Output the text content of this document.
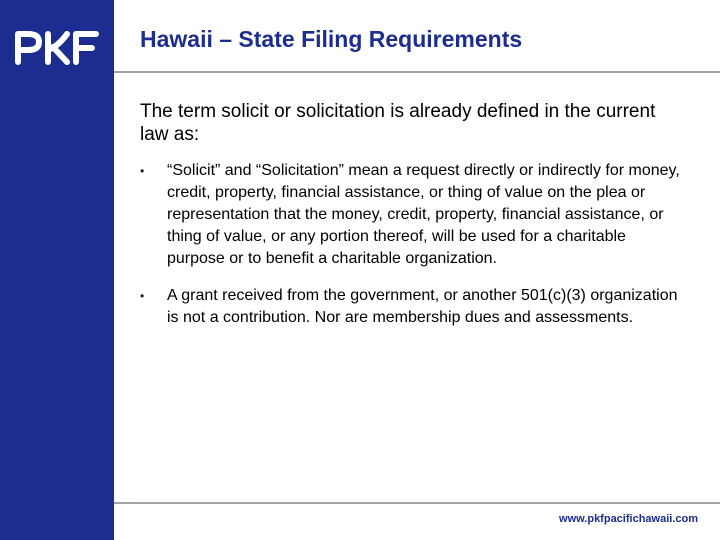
Hawaii – State Filing Requirements

The term solicit or solicitation is already defined in the current law as:

• “Solicit” and “Solicitation” mean a request directly or indirectly for money, credit, property, financial assistance, or thing of value on the plea or representation that the money, credit, property, financial assistance, or thing of value, or any portion thereof, will be used for a charitable purpose or to benefit a charitable organization.
• A grant received from the government, or another 501(c)(3) organization is not a contribution. Nor are membership dues and assessments.

www.pkfpacifichawaii.com
